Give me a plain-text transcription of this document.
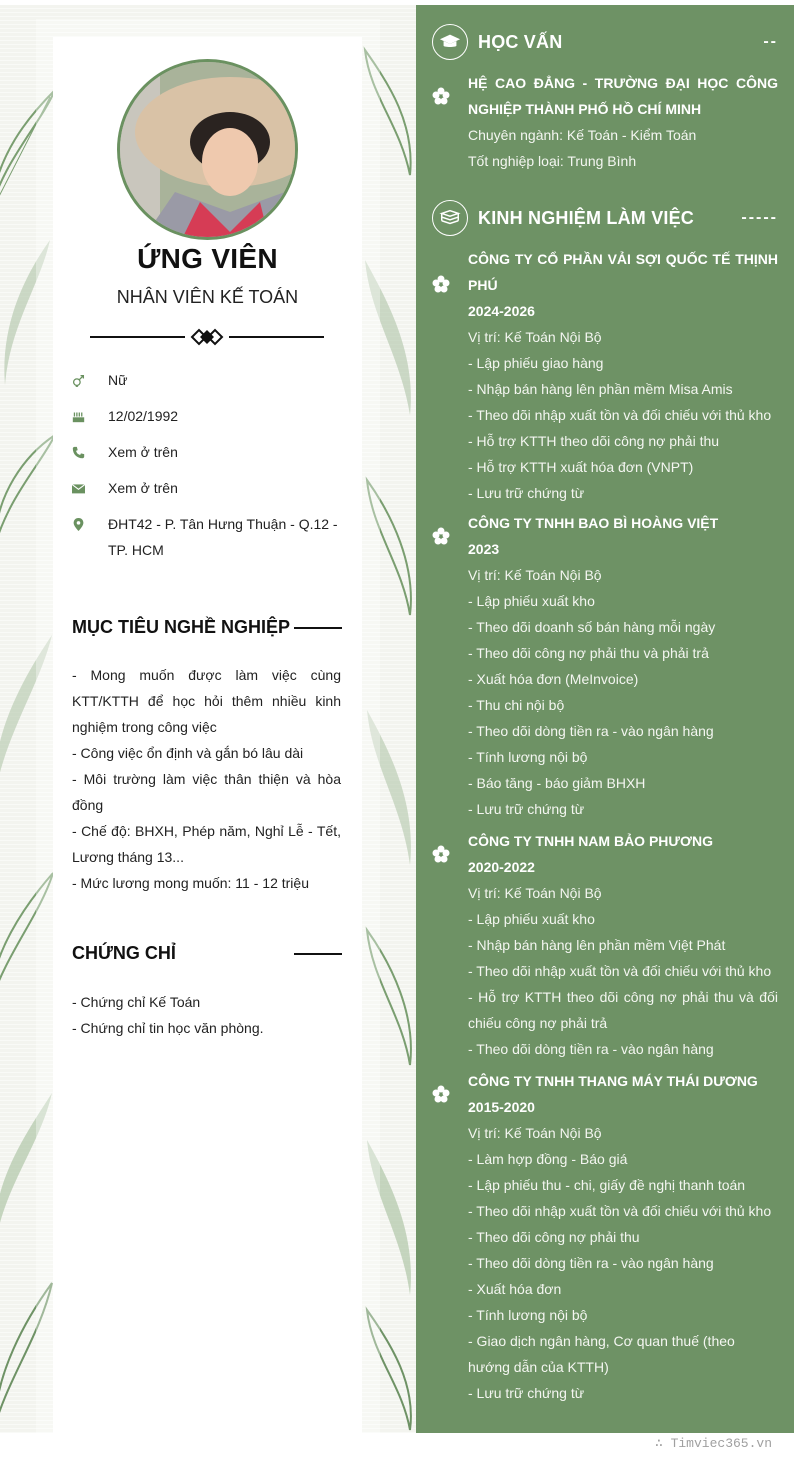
ỨNG VIÊN
NHÂN VIÊN KẾ TOÁN
Nữ
12/02/1992
Xem ở trên
Xem ở trên
ĐHT42 - P. Tân Hưng Thuận - Q.12 - TP. HCM
MỤC TIÊU NGHỀ NGHIỆP

- Mong muốn được làm việc cùng KTT/KTTH để học hỏi thêm nhiều kinh nghiệm trong công việc

- Công việc ổn định và gắn bó lâu dài

- Môi trường làm việc thân thiện và hòa đồng

- Chế độ: BHXH, Phép năm, Nghỉ Lễ - Tết, Lương tháng 13...

- Mức lương mong muốn: 11 - 12 triệu

CHỨNG CHỈ

- Chứng chỉ Kế Toán

- Chứng chỉ tin học văn phòng.

HỌC VẤN	--
HỆ CAO ĐẲNG - TRƯỜNG ĐẠI HỌC CÔNG NGHIỆP THÀNH PHỐ HỒ CHÍ MINH
Chuyên ngành: Kế Toán - Kiểm Toán
Tốt nghiệp loại: Trung Bình
KINH NGHIỆM LÀM VIỆC	-----
CÔNG TY CỔ PHẦN VẢI SỢI QUỐC TẾ THỊNH PHÚ
2024-2026
Vị trí: Kế Toán Nội Bộ
- Lập phiếu giao hàng
- Nhập bán hàng lên phần mềm Misa Amis
- Theo dõi nhập xuất tồn và đối chiếu với thủ kho
- Hỗ trợ KTTH theo dõi công nợ phải thu
- Hỗ trợ KTTH xuất hóa đơn (VNPT)
- Lưu trữ chứng từ
CÔNG TY TNHH BAO BÌ HOÀNG VIỆT
2023
Vị trí: Kế Toán Nội Bộ
- Lập phiếu xuất kho
- Theo dõi doanh số bán hàng mỗi ngày
- Theo dõi công nợ phải thu và phải trả
- Xuất hóa đơn (MeInvoice)
- Thu chi nội bộ
- Theo dõi dòng tiền ra - vào ngân hàng
- Tính lương nội bộ
- Báo tăng - báo giảm BHXH
- Lưu trữ chứng từ
CÔNG TY TNHH NAM BẢO PHƯƠNG
2020-2022
Vị trí: Kế Toán Nội Bộ
- Lập phiếu xuất kho
- Nhập bán hàng lên phần mềm Việt Phát
- Theo dõi nhập xuất tồn và đối chiếu với thủ kho
- Hỗ trợ KTTH theo dõi công nợ phải thu và đối chiếu công nợ phải trả
- Theo dõi dòng tiền ra - vào ngân hàng
CÔNG TY TNHH THANG MÁY THÁI DƯƠNG
2015-2020
Vị trí: Kế Toán Nội Bộ
- Làm hợp đồng - Báo giá
- Lập phiếu thu - chi, giấy đề nghị thanh toán
- Theo dõi nhập xuất tồn và đối chiếu với thủ kho
- Theo dõi công nợ phải thu
- Theo dõi dòng tiền ra - vào ngân hàng
- Xuất hóa đơn
- Tính lương nội bộ
- Giao dịch ngân hàng, Cơ quan thuế (theo hướng dẫn của KTTH)
- Lưu trữ chứng từ
∴ Timviec365.vn
